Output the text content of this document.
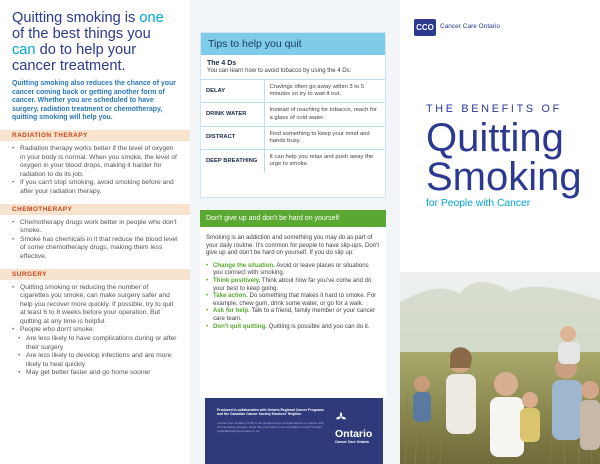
Quitting smoking is one of the best things you can do to help your cancer treatment.

Quitting smoking also reduces the chance of your cancer coming back or getting another form of cancer. Whether you are scheduled to have surgery, radiation treatment or chemotherapy, quitting smoking will help you.

RADIATION THERAPY
• Radiation therapy works better if the level of oxygen in your body is normal. When you smoke, the level of oxygen in your blood drops, making it harder for radiation to do its job.
• If you can't stop smoking, avoid smoking before and after your radiation therapy.
CHEMOTHERAPY
• Chemotherapy drugs work better in people who don't smoke.
• Smoke has chemicals in it that reduce the blood level of some chemotherapy drugs, making them less effective.
SURGERY
• Quitting smoking or reducing the number of cigarettes you smoke, can make surgery safer and help you recover more quickly. If possible, try to quit at least 6 to 8 weeks before your operation. But quitting at any time is helpful.
• People who don't smoke:
• Are less likely to have complications during or after their surgery
• Are less likely to develop infections and are more likely to heal quickly
• May get better faster and go home sooner
Tips to help you quit
The 4 Ds
You can learn how to avoid tobacco by using the 4 Ds:
DELAY	Cravings often go away within 3 to 5 minutes so try to wait it out.
DRINK WATER	Instead of reaching for tobacco, reach for a glass of cold water.
DISTRACT	Find something to keep your mind and hands busy.
DEEP BREATHING	It can help you relax and push away the urge to smoke.
Don't give up and don't be hard on yourself

Smoking is an addiction and something you may do as part of your daily routine. It's common for people to have slip-ups. Don't give up and don't be hard on yourself. If you do slip up:

• Change the situation. Avoid or leave places or situations you connect with smoking.
• Think positively. Think about how far you've come and do your best to keep going.
• Take action. Do something that makes it hard to smoke. For example, chew gum, drink some water, or go for a walk.
• Ask for help. Talk to a friend, family member or your cancer care team.
• Don't quit quitting. Quitting is possible and you can do it.
Produced in collaboration with Ontario Regional Cancer Programs and the Canadian Cancer Society Smokers' Helpline.
Cancer Care Ontario (CCO) is the government's principal advisor on cancer and chronic kidney disease. Need this information in an accessible format? Contact publicaffairs@cancercare.on.ca	Ontario
Cancer Care Ontario
CCO Cancer Care Ontario
THE BENEFITS OF
Quitting
Smoking
for People with Cancer
